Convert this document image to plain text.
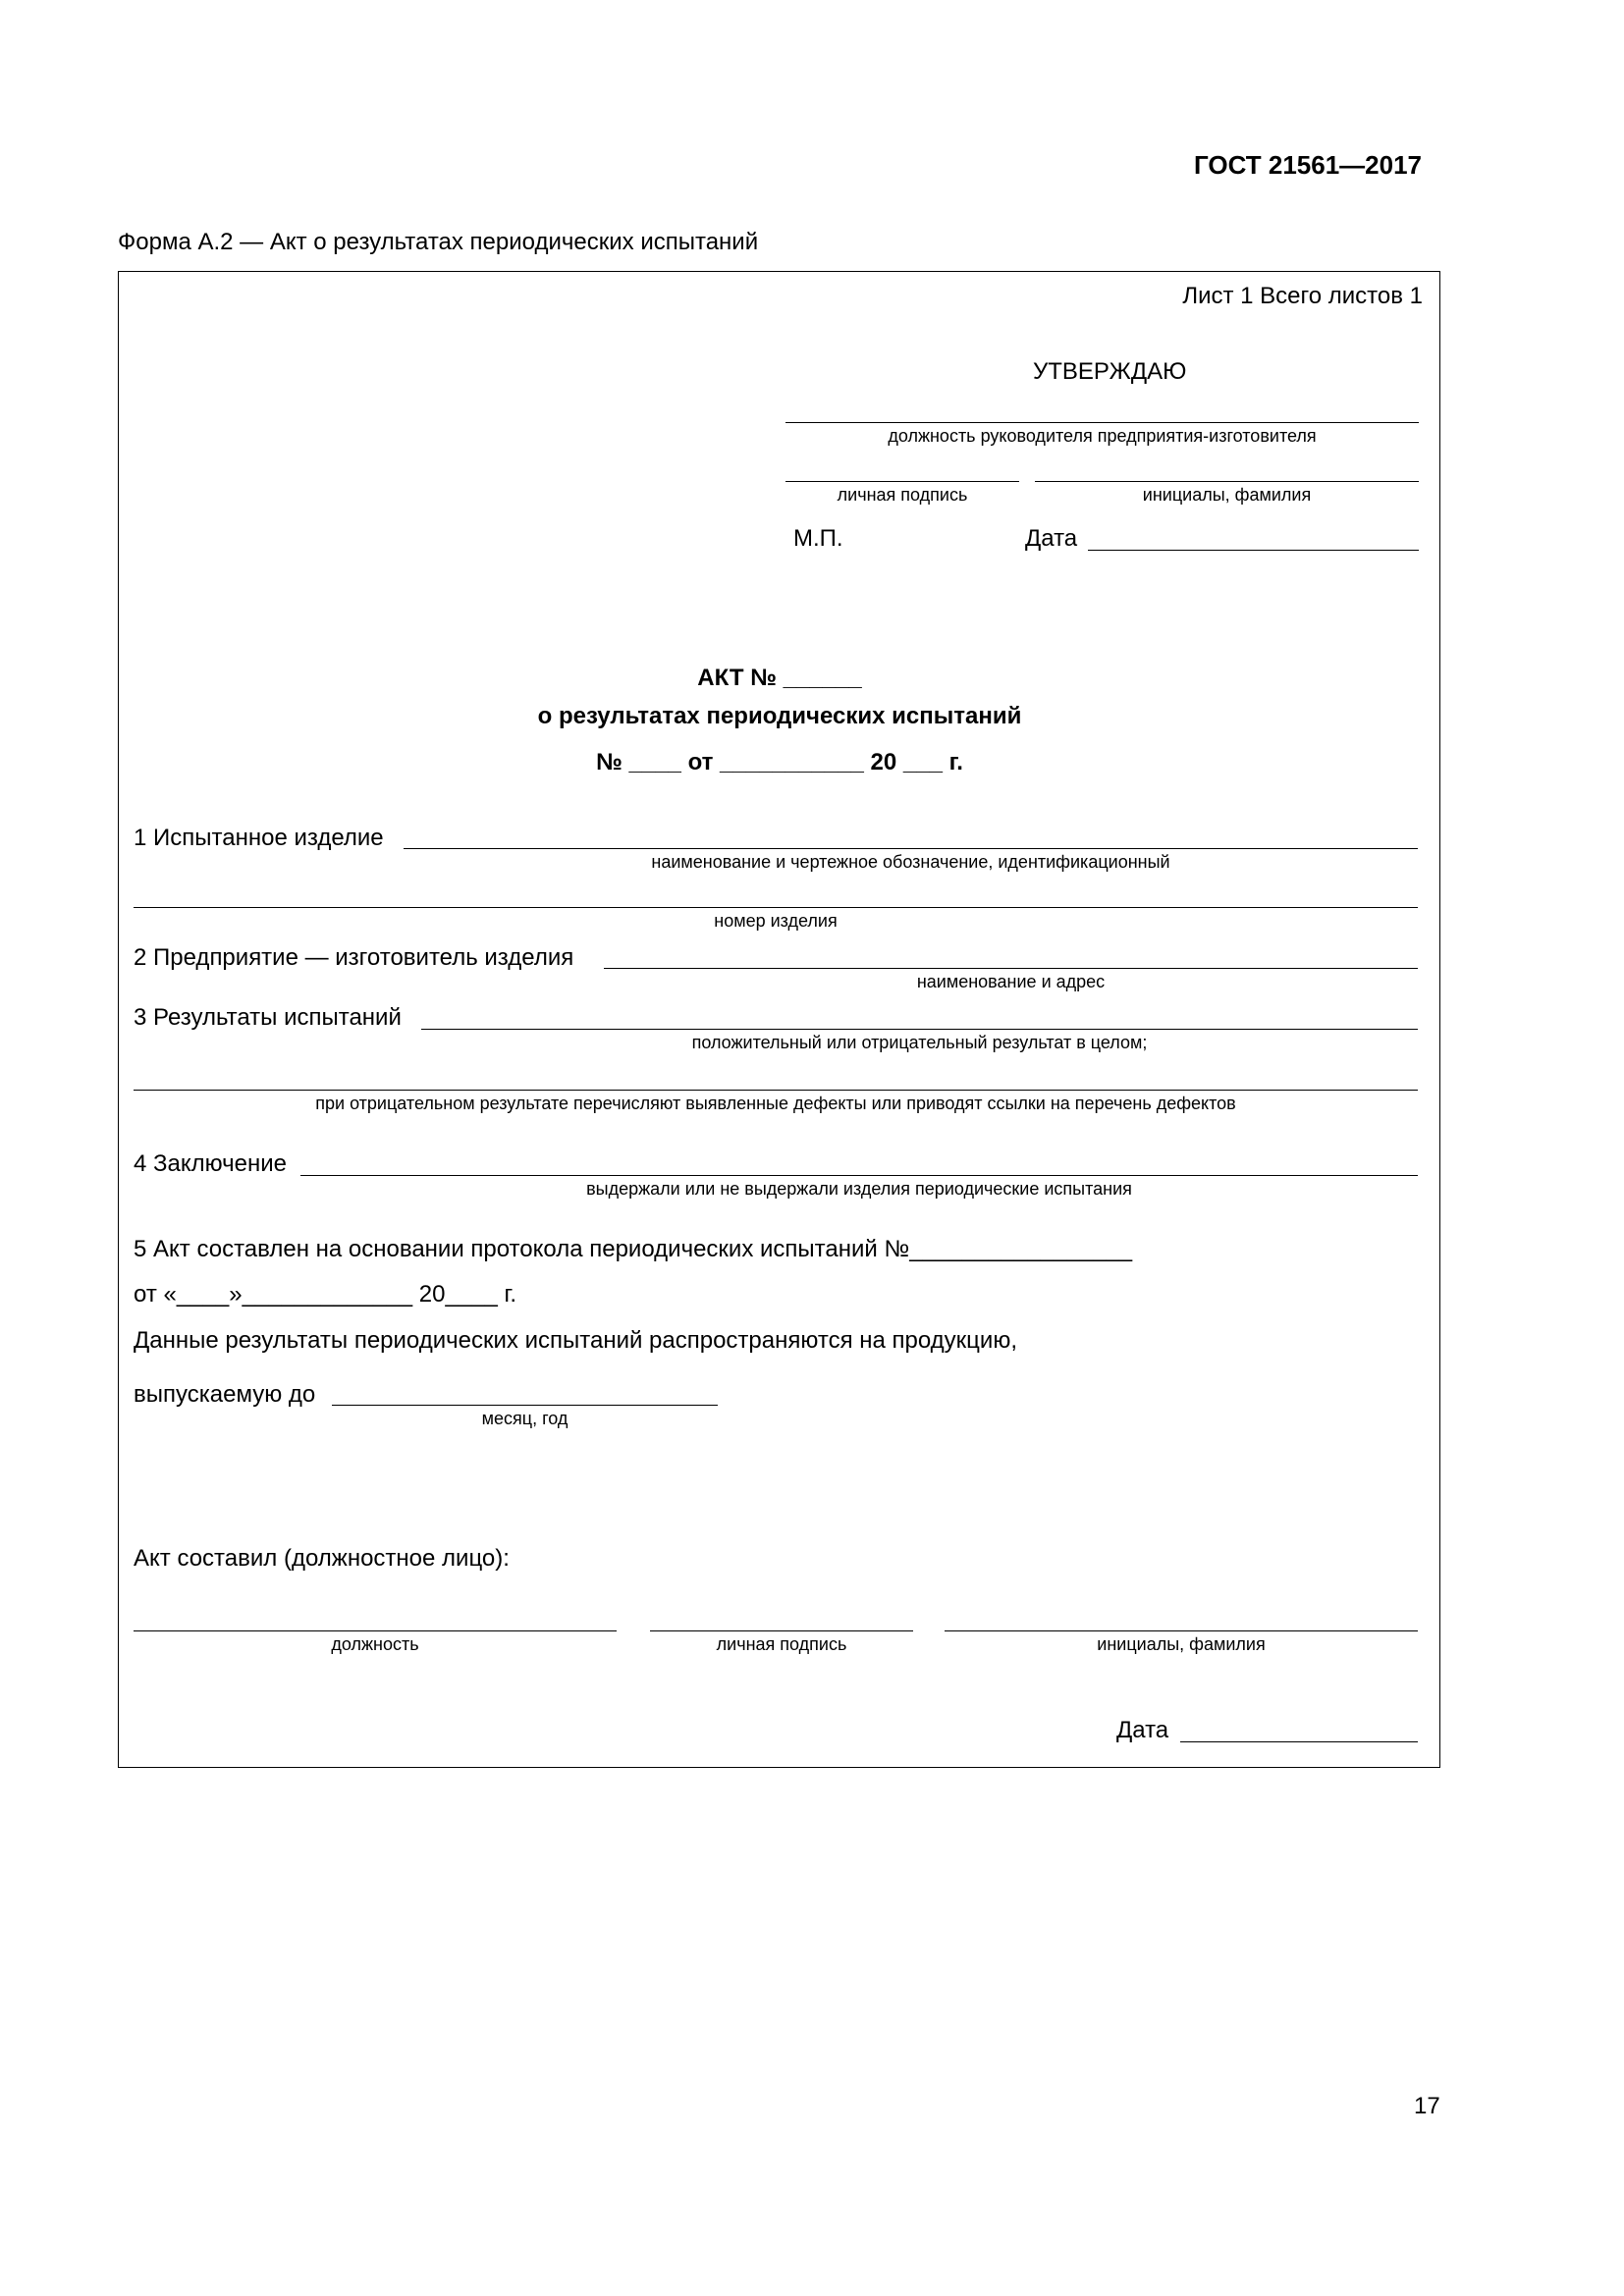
ГОСТ 21561—2017
Форма А.2 — Акт о результатах периодических испытаний
Лист 1 Всего листов 1
УТВЕРЖДАЮ
должность руководителя предприятия-изготовителя
личная подпись	инициалы, фамилия
М.П.	Дата
АКТ № ______
о результатах периодических испытаний
№ ____ от ___________ 20 ___ г.
1 Испытанное изделие
наименование и чертежное обозначение, идентификационный
номер изделия
2 Предприятие — изготовитель изделия
наименование и адрес
3 Результаты испытаний
положительный или отрицательный результат в целом;
при отрицательном результате перечисляют выявленные дефекты или приводят ссылки на перечень дефектов
4 Заключение
выдержали или не выдержали изделия периодические испытания
5 Акт составлен на основании протокола периодических испытаний №_________________
от «____»_____________ 20____ г.
Данные результаты периодических испытаний распространяются на продукцию,
выпускаемую до
месяц, год
Акт составил (должностное лицо):
должность	личная подпись	инициалы, фамилия
Дата
17
